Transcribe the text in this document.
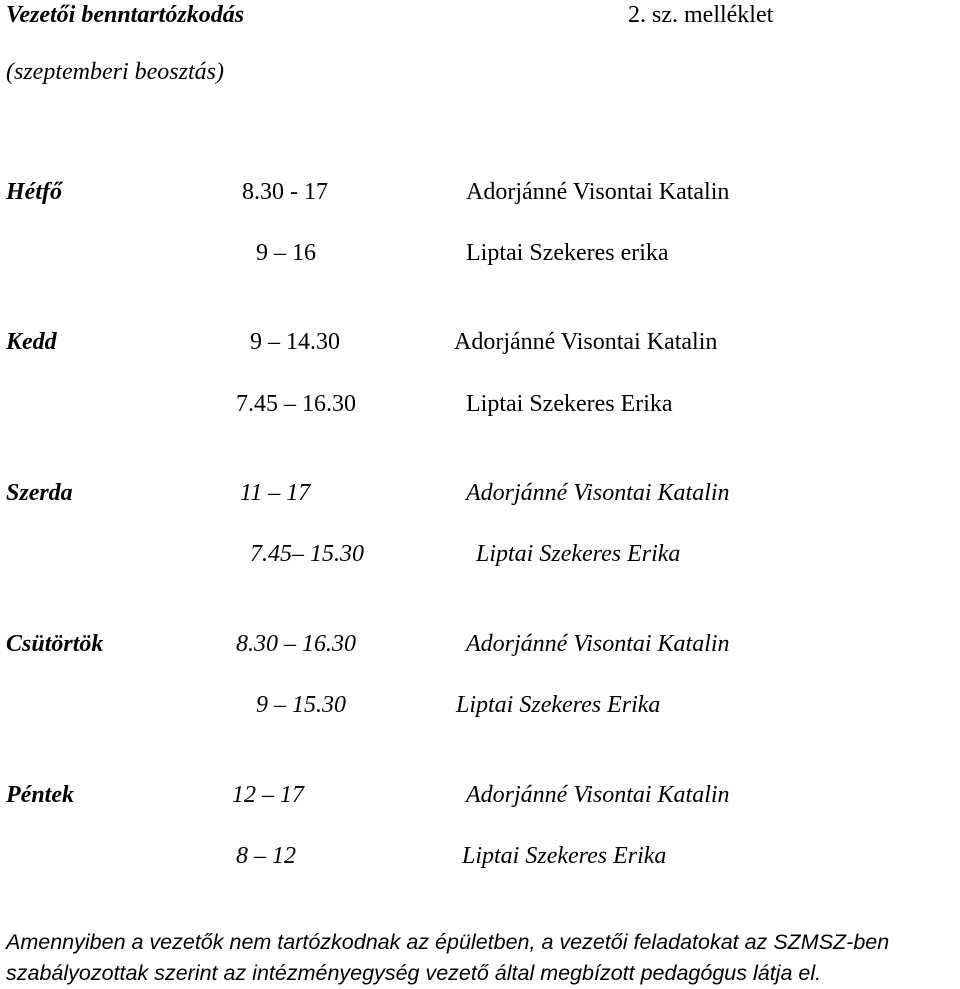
Vezetői benntartózkodás	2. sz. melléklet
(szeptemberi beosztás)
Hétfő	8.30 - 17	Adorjánné Visontai Katalin
9 – 16	Liptai Szekeres erika
Kedd	9 – 14.30	Adorjánné Visontai Katalin
7.45 – 16.30	Liptai Szekeres Erika
Szerda	11 – 17	Adorjánné Visontai Katalin
7.45– 15.30	Liptai Szekeres Erika
Csütörtök	8.30 – 16.30	Adorjánné Visontai Katalin
9 – 15.30	Liptai Szekeres Erika
Péntek	12 – 17	Adorjánné Visontai Katalin
8 – 12	Liptai Szekeres Erika
Amennyiben a vezetők nem tartózkodnak az épületben, a vezetői feladatokat az SZMSZ-ben
szabályozottak szerint az intézményegység vezető által megbízott pedagógus látja el.
